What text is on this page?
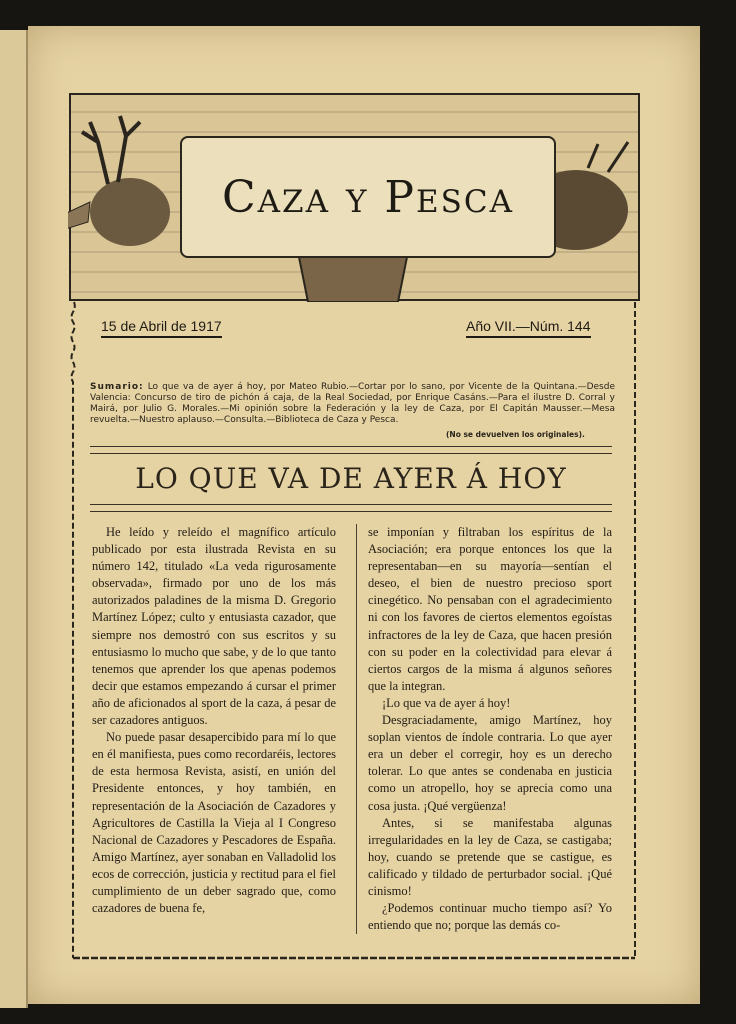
Caza y Pesca
15 de Abril de 1917	Año VII.—Núm. 144
Sumario: Lo que va de ayer á hoy, por Mateo Rubio.—Cortar por lo sano, por Vicente de la Quintana.—Desde Valencia: Concurso de tiro de pichón á caja, de la Real Sociedad, por Enrique Casáns.—Para el ilustre D. Corral y Mairá, por Julio G. Morales.—Mi opinión sobre la Federación y la ley de Caza, por El Capitán Mausser.—Mesa revuelta.—Nuestro aplauso.—Consulta.—Biblioteca de Caza y Pesca.
(No se devuelven los originales).
LO QUE VA DE AYER Á HOY

He leído y releído el magnífico artículo publicado por esta ilustrada Revista en su número 142, titulado «La veda rigurosamente observada», firmado por uno de los más autorizados paladines de la misma D. Gregorio Martínez López; culto y entusiasta cazador, que siempre nos demostró con sus escritos y su entusiasmo lo mucho que sabe, y de lo que tanto tenemos que aprender los que apenas podemos decir que estamos empezando á cursar el primer año de aficionados al sport de la caza, á pesar de ser cazadores antiguos.

No puede pasar desapercibido para mí lo que en él manifiesta, pues como recordaréis, lectores de esta hermosa Revista, asistí, en unión del Presidente entonces, y hoy también, en representación de la Asociación de Cazadores y Agricultores de Castilla la Vieja al I Congreso Nacional de Cazadores y Pescadores de España. Amigo Martínez, ayer sonaban en Valladolid los ecos de corrección, justicia y rectitud para el fiel cumplimiento de un deber sagrado que, como cazadores de buena fe,

se imponían y filtraban los espíritus de la Asociación; era porque entonces los que la representaban—en su mayoría—sentían el deseo, el bien de nuestro precioso sport cinegético. No pensaban con el agradecimiento ni con los favores de ciertos elementos egoístas infractores de la ley de Caza, que hacen presión con su poder en la colectividad para elevar á ciertos cargos de la misma á algunos señores que la integran.

¡Lo que va de ayer á hoy!

Desgraciadamente, amigo Martínez, hoy soplan vientos de índole contraria. Lo que ayer era un deber el corregir, hoy es un derecho tolerar. Lo que antes se condenaba en justicia como un atropello, hoy se aprecia como una cosa justa. ¡Qué vergüenza!

Antes, si se manifestaba algunas irregularidades en la ley de Caza, se castigaba; hoy, cuando se pretende que se castigue, es calificado y tildado de perturbador social. ¡Qué cinismo!

¿Podemos continuar mucho tiempo así? Yo entiendo que no; porque las demás co-
